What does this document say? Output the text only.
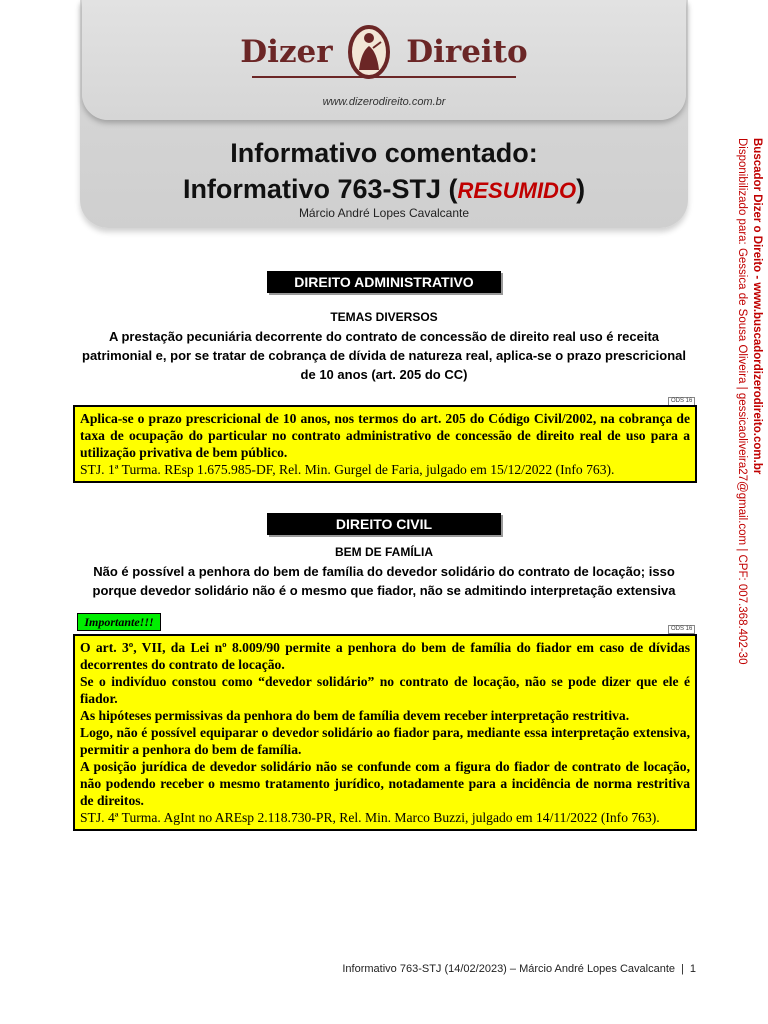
Dizer Direito
www.dizerodireito.com.br
Informativo comentado:
Informativo 763-STJ (RESUMIDO)
Márcio André Lopes Cavalcante
DIREITO ADMINISTRATIVO
TEMAS DIVERSOS
A prestação pecuniária decorrente do contrato de concessão de direito real uso é receita patrimonial e, por se tratar de cobrança de dívida de natureza real, aplica-se o prazo prescricional de 10 anos (art. 205 do CC)
ODS 16

Aplica-se o prazo prescricional de 10 anos, nos termos do art. 205 do Código Civil/2002, na cobrança de taxa de ocupação do particular no contrato administrativo de concessão de direito real de uso para a utilização privativa de bem público.

STJ. 1ª Turma. REsp 1.675.985-DF, Rel. Min. Gurgel de Faria, julgado em 15/12/2022 (Info 763).

DIREITO CIVIL
BEM DE FAMÍLIA
Não é possível a penhora do bem de família do devedor solidário do contrato de locação; isso porque devedor solidário não é o mesmo que fiador, não se admitindo interpretação extensiva
Importante!!!	ODS 16

O art. 3º, VII, da Lei nº 8.009/90 permite a penhora do bem de família do fiador em caso de dívidas decorrentes do contrato de locação.

Se o indivíduo constou como “devedor solidário” no contrato de locação, não se pode dizer que ele é fiador.

As hipóteses permissivas da penhora do bem de família devem receber interpretação restritiva.

Logo, não é possível equiparar o devedor solidário ao fiador para, mediante essa interpretação extensiva, permitir a penhora do bem de família.

A posição jurídica de devedor solidário não se confunde com a figura do fiador de contrato de locação, não podendo receber o mesmo tratamento jurídico, notadamente para a incidência de norma restritiva de direitos.

STJ. 4ª Turma. AgInt no AREsp 2.118.730-PR, Rel. Min. Marco Buzzi, julgado em 14/11/2022 (Info 763).

Buscador Dizer o Direito - www.buscadordizerodireito.com.br
Disponibilizado para: Gessica de Sousa Oliveira | gessicaoliveira27@gmail.com | CPF: 007.368.402-30
Informativo 763-STJ (14/02/2023) – Márcio André Lopes Cavalcante | 1
